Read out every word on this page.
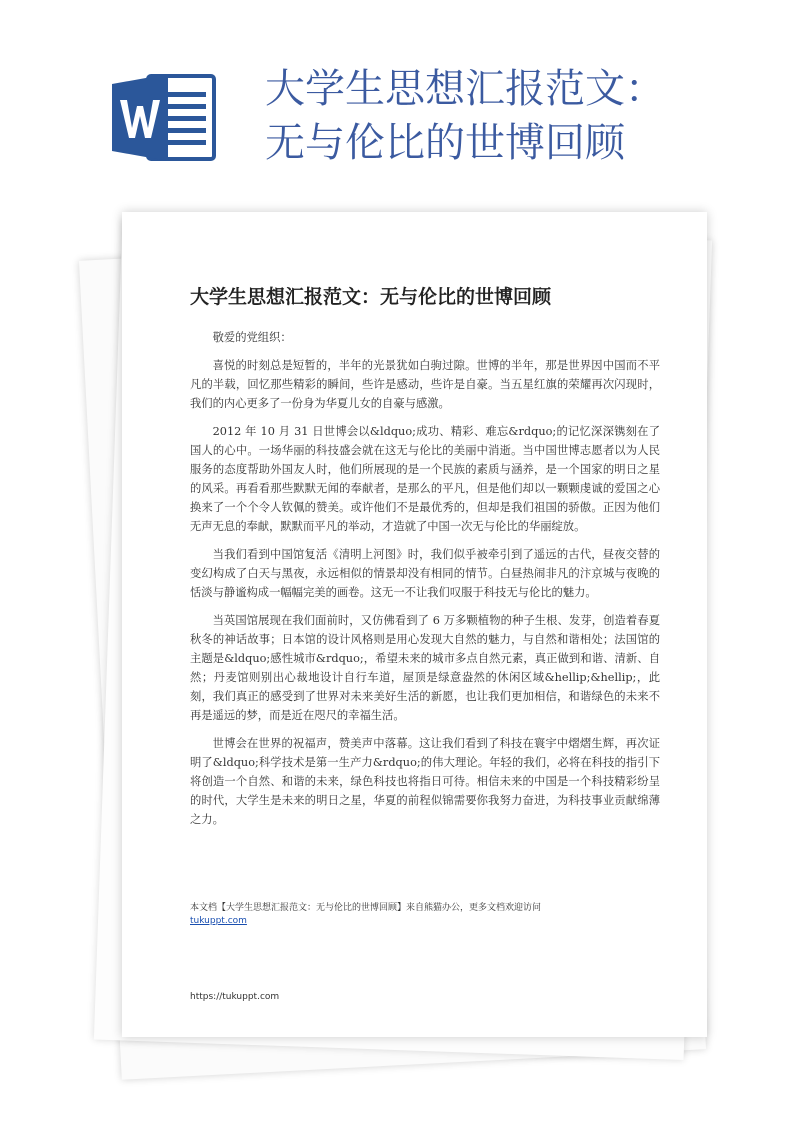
大学生思想汇报范文：
无与伦比的世博回顾
大学生思想汇报范文：无与伦比的世博回顾

敬爱的党组织：

喜悦的时刻总是短暂的，半年的光景犹如白驹过隙。世博的半年，那是世界因中国而不平凡的半载，回忆那些精彩的瞬间，些许是感动，些许是自豪。当五星红旗的荣耀再次闪现时，我们的内心更多了一份身为华夏儿女的自豪与感激。

2012 年 10 月 31 日世博会以&ldquo;成功、精彩、难忘&rdquo;的记忆深深镌刻在了国人的心中。一场华丽的科技盛会就在这无与伦比的美丽中消逝。当中国世博志愿者以为人民服务的态度帮助外国友人时，他们所展现的是一个民族的素质与涵养，是一个国家的明日之星的风采。再看看那些默默无闻的奉献者，是那么的平凡，但是他们却以一颗颗虔诚的爱国之心换来了一个个令人钦佩的赞美。或许他们不是最优秀的，但却是我们祖国的骄傲。正因为他们无声无息的奉献，默默而平凡的举动，才造就了中国一次无与伦比的华丽绽放。

当我们看到中国馆复活《清明上河图》时，我们似乎被牵引到了遥远的古代，昼夜交替的变幻构成了白天与黑夜，永远相似的情景却没有相同的情节。白昼热闹非凡的汴京城与夜晚的恬淡与静谧构成一幅幅完美的画卷。这无一不让我们叹服于科技无与伦比的魅力。

当英国馆展现在我们面前时，又仿佛看到了 6 万多颗植物的种子生根、发芽，创造着春夏秋冬的神话故事；日本馆的设计风格则是用心发现大自然的魅力，与自然和谐相处；法国馆的主题是&ldquo;感性城市&rdquo;，希望未来的城市多点自然元素，真正做到和谐、清新、自然；丹麦馆则别出心裁地设计自行车道，屋顶是绿意盎然的休闲区域&hellip;&hellip;，此刻，我们真正的感受到了世界对未来美好生活的新愿，也让我们更加相信，和谐绿色的未来不再是遥远的梦，而是近在咫尺的幸福生活。

世博会在世界的祝福声，赞美声中落幕。这让我们看到了科技在寰宇中熠熠生辉，再次证明了&ldquo;科学技术是第一生产力&rdquo;的伟大理论。年轻的我们，必将在科技的指引下将创造一个自然、和谐的未来，绿色科技也将指日可待。相信未来的中国是一个科技精彩纷呈的时代，大学生是未来的明日之星，华夏的前程似锦需要你我努力奋进，为科技事业贡献绵薄之力。

本文档【大学生思想汇报范文：无与伦比的世博回顾】来自熊猫办公，更多文档欢迎访问
tukuppt.com
https://tukuppt.com
